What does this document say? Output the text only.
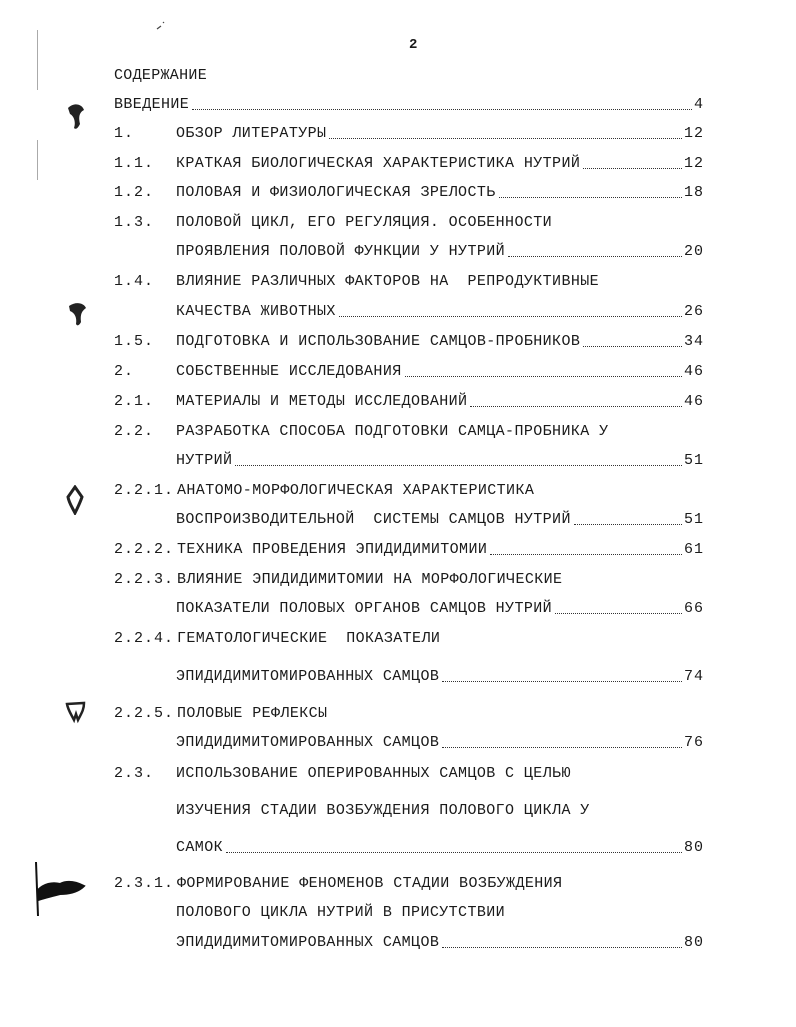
2
СОДЕРЖАНИЕ
ВВЕДЕНИЕ	4
1.	ОБЗОР ЛИТЕРАТУРЫ	12
1.1.	КРАТКАЯ БИОЛОГИЧЕСКАЯ ХАРАКТЕРИСТИКА НУТРИЙ	12
1.2.	ПОЛОВАЯ И ФИЗИОЛОГИЧЕСКАЯ ЗРЕЛОСТЬ	18
1.3.	ПОЛОВОЙ ЦИКЛ, ЕГО РЕГУЛЯЦИЯ. ОСОБЕННОСТИ
ПРОЯВЛЕНИЯ ПОЛОВОЙ ФУНКЦИИ У НУТРИЙ	20
1.4.	ВЛИЯНИЕ РАЗЛИЧНЫХ ФАКТОРОВ НА  РЕПРОДУКТИВНЫЕ
КАЧЕСТВА ЖИВОТНЫХ	26
1.5.	ПОДГОТОВКА И ИСПОЛЬЗОВАНИЕ САМЦОВ-ПРОБНИКОВ	34
2.	СОБСТВЕННЫЕ ИССЛЕДОВАНИЯ	46
2.1.	МАТЕРИАЛЫ И МЕТОДЫ ИССЛЕДОВАНИЙ	46
2.2.	РАЗРАБОТКА СПОСОБА ПОДГОТОВКИ САМЦА-ПРОБНИКА У
НУТРИЙ	51
2.2.1. АНАТОМО-МОРФОЛОГИЧЕСКАЯ ХАРАКТЕРИСТИКА
ВОСПРОИЗВОДИТЕЛЬНОЙ  СИСТЕМЫ САМЦОВ НУТРИЙ	51
2.2.2. ТЕХНИКА ПРОВЕДЕНИЯ ЭПИДИДИМИТОМИИ	61
2.2.3. ВЛИЯНИЕ ЭПИДИДИМИТОМИИ НА МОРФОЛОГИЧЕСКИЕ
ПОКАЗАТЕЛИ ПОЛОВЫХ ОРГАНОВ САМЦОВ НУТРИЙ	66
2.2.4. ГЕМАТОЛОГИЧЕСКИЕ  ПОКАЗАТЕЛИ
ЭПИДИДИМИТОМИРОВАННЫХ САМЦОВ	74
2.2.5. ПОЛОВЫЕ РЕФЛЕКСЫ
ЭПИДИДИМИТОМИРОВАННЫХ САМЦОВ	76
2.3.	ИСПОЛЬЗОВАНИЕ ОПЕРИРОВАННЫХ САМЦОВ С ЦЕЛЬЮ
ИЗУЧЕНИЯ СТАДИИ ВОЗБУЖДЕНИЯ ПОЛОВОГО ЦИКЛА У
САМОК	80
2.3.1. ФОРМИРОВАНИЕ ФЕНОМЕНОВ СТАДИИ ВОЗБУЖДЕНИЯ
ПОЛОВОГО ЦИКЛА НУТРИЙ В ПРИСУТСТВИИ
ЭПИДИДИМИТОМИРОВАННЫХ САМЦОВ	80
